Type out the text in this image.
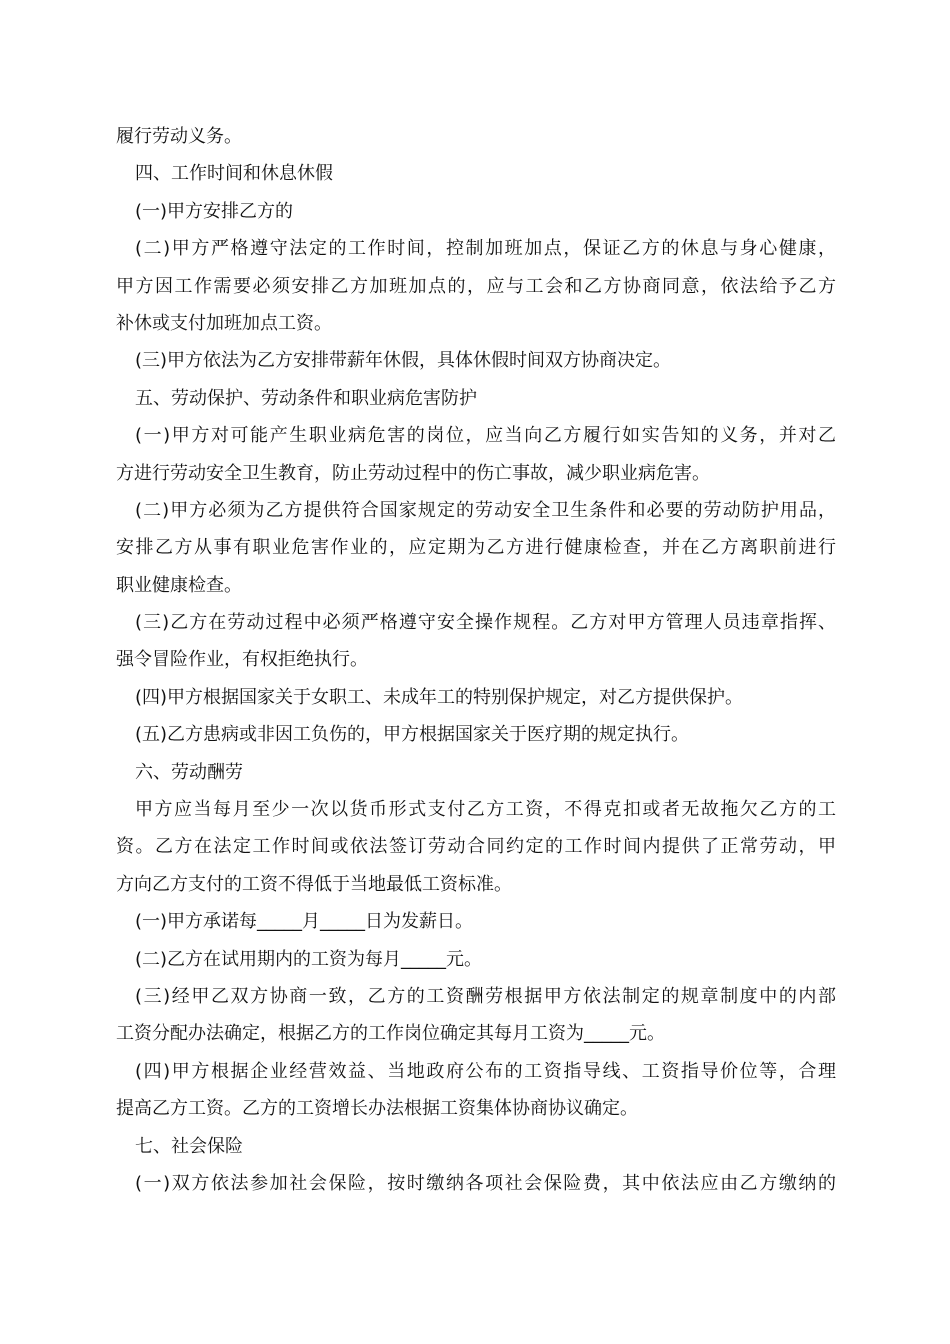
履行劳动义务。
四、工作时间和休息休假
(一)甲方安排乙方的
(二)甲方严格遵守法定的工作时间，控制加班加点，保证乙方的休息与身心健康，
甲方因工作需要必须安排乙方加班加点的，应与工会和乙方协商同意，依法给予乙方
补休或支付加班加点工资。
(三)甲方依法为乙方安排带薪年休假，具体休假时间双方协商决定。
五、劳动保护、劳动条件和职业病危害防护
(一)甲方对可能产生职业病危害的岗位，应当向乙方履行如实告知的义务，并对乙
方进行劳动安全卫生教育，防止劳动过程中的伤亡事故，减少职业病危害。
(二)甲方必须为乙方提供符合国家规定的劳动安全卫生条件和必要的劳动防护用品，
安排乙方从事有职业危害作业的，应定期为乙方进行健康检查，并在乙方离职前进行
职业健康检查。
(三)乙方在劳动过程中必须严格遵守安全操作规程。乙方对甲方管理人员违章指挥、
强令冒险作业，有权拒绝执行。
(四)甲方根据国家关于女职工、未成年工的特别保护规定，对乙方提供保护。
(五)乙方患病或非因工负伤的，甲方根据国家关于医疗期的规定执行。
六、劳动酬劳
甲方应当每月至少一次以货币形式支付乙方工资，不得克扣或者无故拖欠乙方的工
资。乙方在法定工作时间或依法签订劳动合同约定的工作时间内提供了正常劳动，甲
方向乙方支付的工资不得低于当地最低工资标准。
(一)甲方承诺每_____月_____日为发薪日。
(二)乙方在试用期内的工资为每月_____元。
(三)经甲乙双方协商一致，乙方的工资酬劳根据甲方依法制定的规章制度中的内部
工资分配办法确定，根据乙方的工作岗位确定其每月工资为_____元。
(四)甲方根据企业经营效益、当地政府公布的工资指导线、工资指导价位等，合理
提高乙方工资。乙方的工资增长办法根据工资集体协商协议确定。
七、社会保险
(一)双方依法参加社会保险，按时缴纳各项社会保险费，其中依法应由乙方缴纳的
